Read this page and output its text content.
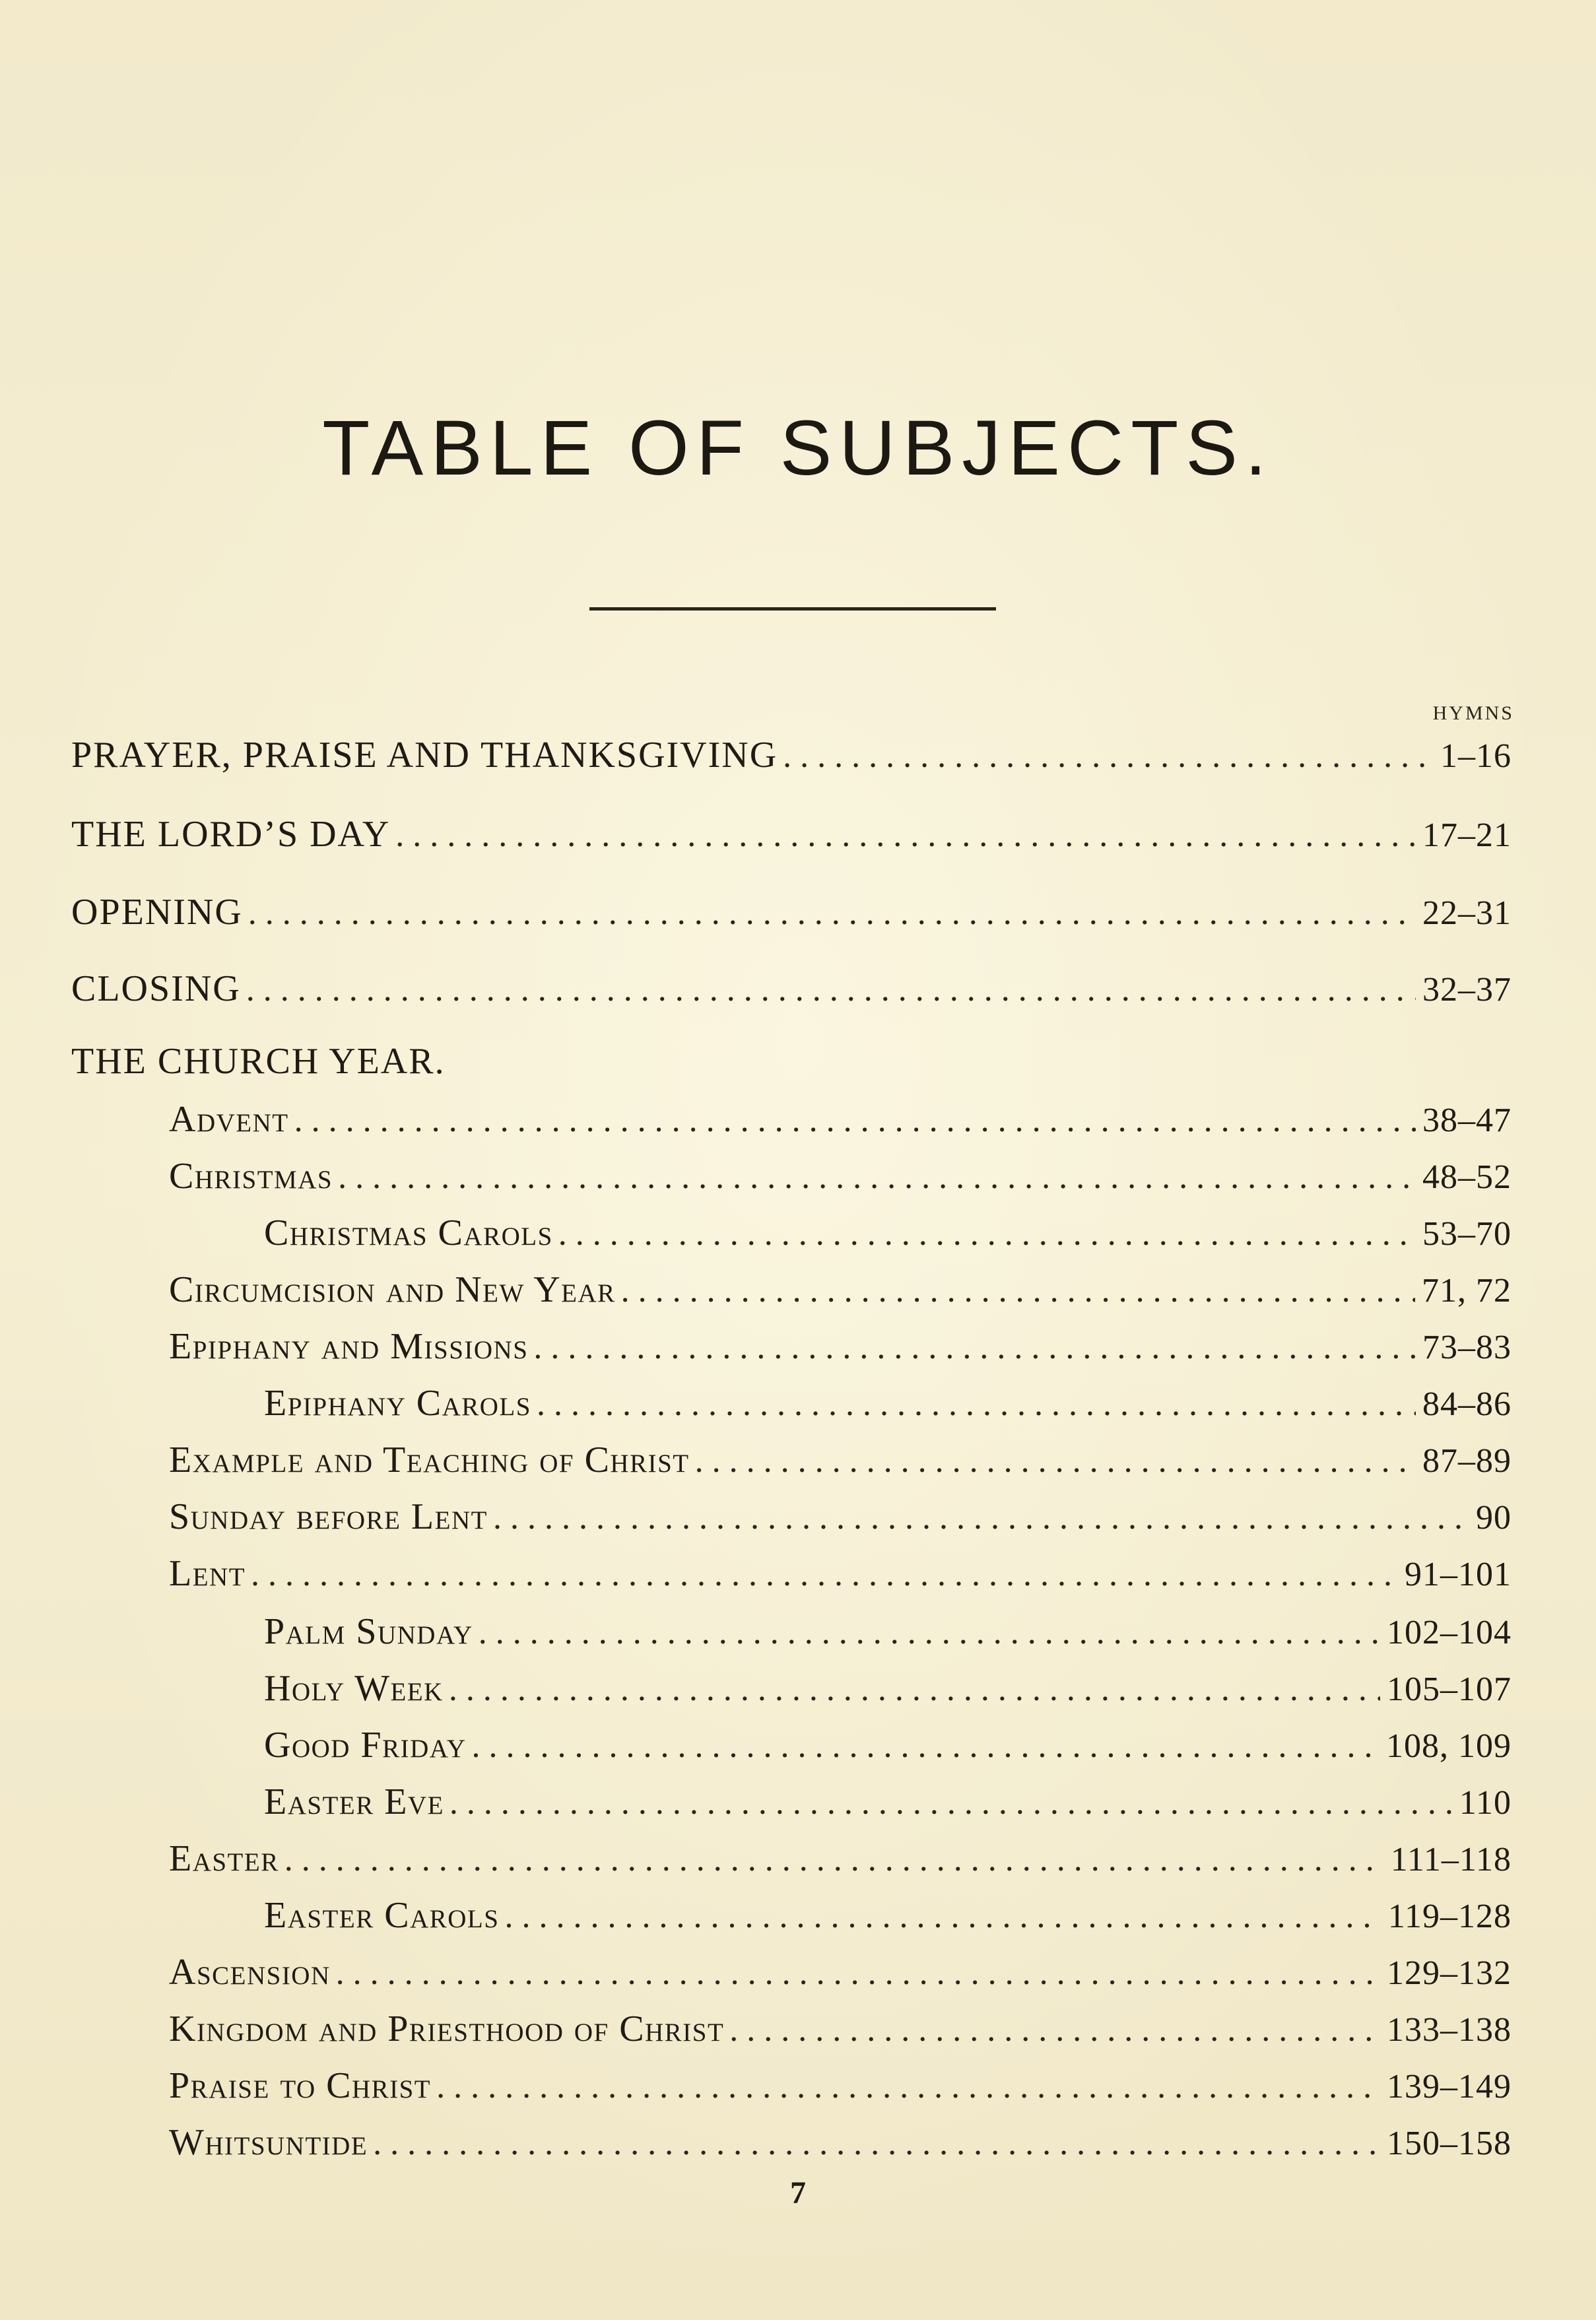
TABLE OF SUBJECTS.
HYMNS
PRAYER, PRAISE AND THANKSGIVING . . .	1–16
THE LORD’S DAY . . .	17–21
OPENING . . .	22–31
CLOSING . . .	32–37
THE CHURCH YEAR.
Advent . . .	38–47
Christmas . . .	48–52
Christmas Carols . . .	53–70
Circumcision and New Year . . .	71, 72
Epiphany and Missions . . .	73–83
Epiphany Carols . . .	84–86
Example and Teaching of Christ . . .	87–89
Sunday before Lent . . .	90
Lent . . .	91–101
Palm Sunday . . .	102–104
Holy Week . . .	105–107
Good Friday . . .	108, 109
Easter Eve . . .	110
Easter . . .	111–118
Easter Carols . . .	119–128
Ascension . . .	129–132
Kingdom and Priesthood of Christ . . .	133–138
Praise to Christ . . .	139–149
Whitsuntide . . .	150–158
7
